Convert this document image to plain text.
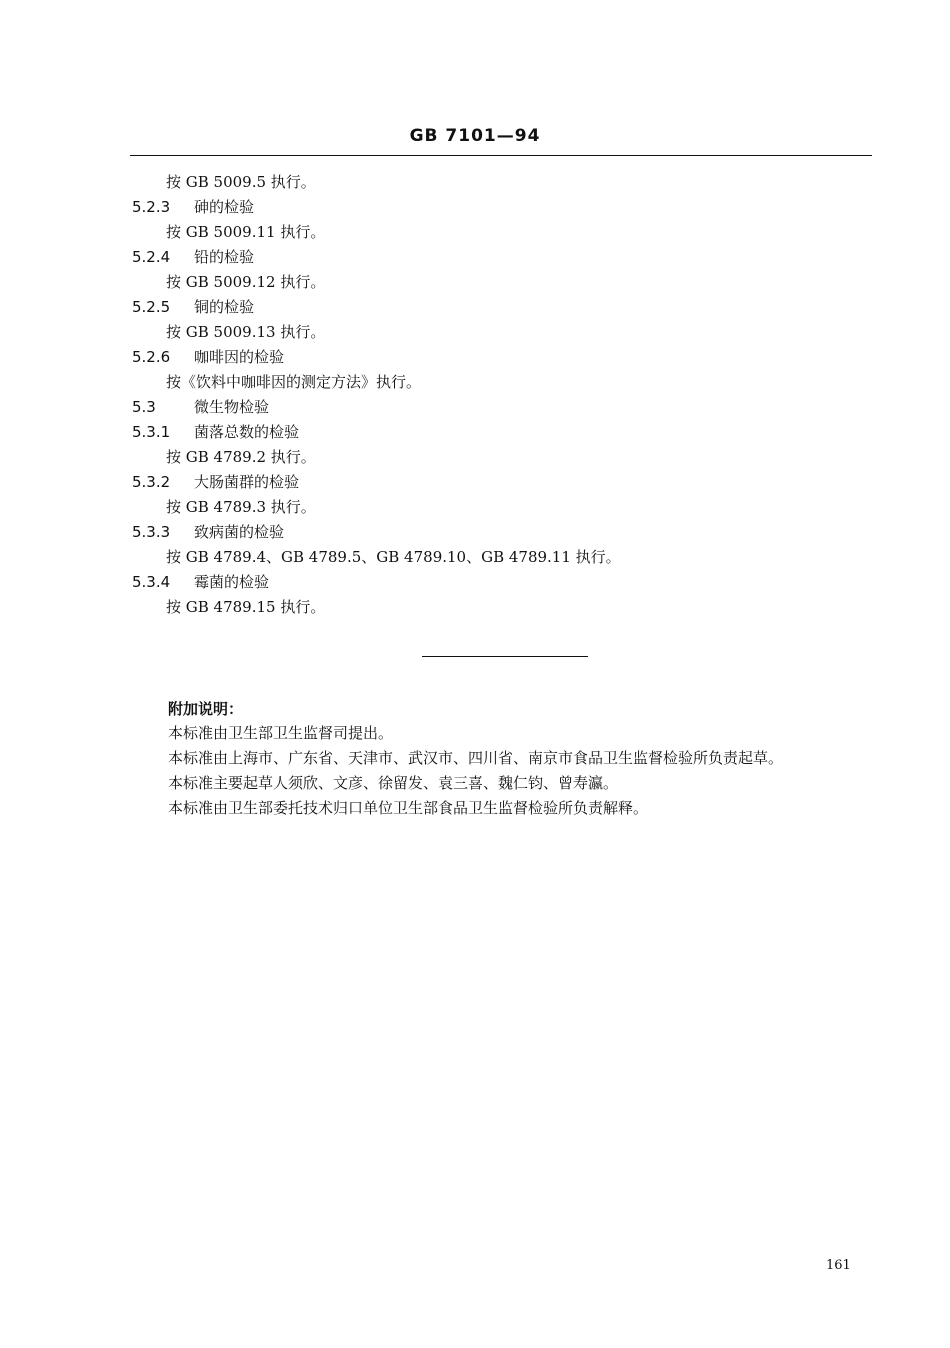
GB 7101—94
按 GB 5009.5 执行。
5.2.3 砷的检验
按 GB 5009.11 执行。
5.2.4 铅的检验
按 GB 5009.12 执行。
5.2.5 铜的检验
按 GB 5009.13 执行。
5.2.6 咖啡因的检验
按《饮料中咖啡因的测定方法》执行。
5.3	微生物检验
5.3.1 菌落总数的检验
按 GB 4789.2 执行。
5.3.2 大肠菌群的检验
按 GB 4789.3 执行。
5.3.3 致病菌的检验
按 GB 4789.4、GB 4789.5、GB 4789.10、GB 4789.11 执行。
5.3.4 霉菌的检验
按 GB 4789.15 执行。
附加说明：
本标准由卫生部卫生监督司提出。
本标准由上海市、广东省、天津市、武汉市、四川省、南京市食品卫生监督检验所负责起草。
本标准主要起草人须欣、文彦、徐留发、袁三喜、魏仁钧、曾寿瀛。
本标准由卫生部委托技术归口单位卫生部食品卫生监督检验所负责解释。
161
